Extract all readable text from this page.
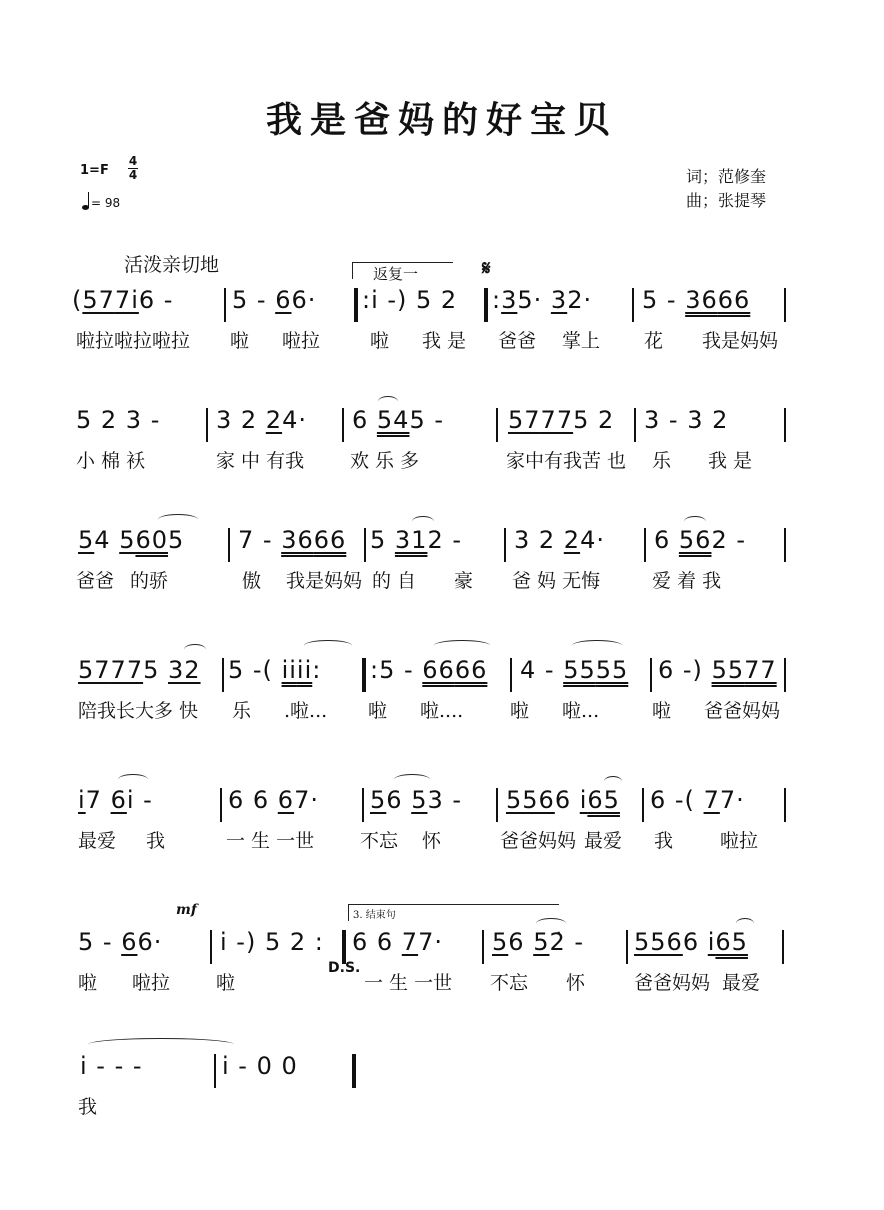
我是爸妈的好宝贝
1=F
4
4
= 98
词；范修奎
曲；张提琴
活泼亲切地	返复一	𝄋
(577i6 - 5 - 66· :i -) 5 2 :35· 32· 5 - 3666
啦拉啦拉啦拉 啦 啦拉	啦 我 是 爸爸 掌上 花 我是妈妈
5 2 3 - 3 2 24· 6 545 -	57775 2 3 - 3 2
小 棉 袄	家 中 有我 欢 乐 多	家中有我苦 也 乐 我 是
54 5605 7 - 3666 5 312 - 3 2 24· 6 562 -
爸爸 的骄	傲 我是妈妈 的 自 豪 爸 妈 无悔	爱 着 我
57775 32 5 -( iiii: :5 - 6666 4 - 5555 6 -) 5577
陪我长大多 快 乐 .啦... 啦 啦.... 啦 啦...	啦 爸爸妈妈
i7 6i -	6 6 67· 56 53 - 5566 i65 6 -( 77·
最爱 我	一 生 一世 不忘 怀	爸爸妈妈 最爱 我 啦拉
mf	3. 结束句
5 - 66· i -) 5 2 : 6 6 77· 56 52̇ - 5566 i65
D.S.
啦 啦拉 啦	一 生 一世 不忘 怀	爸爸妈妈 最爱
i - - -	i - 0 0
我
